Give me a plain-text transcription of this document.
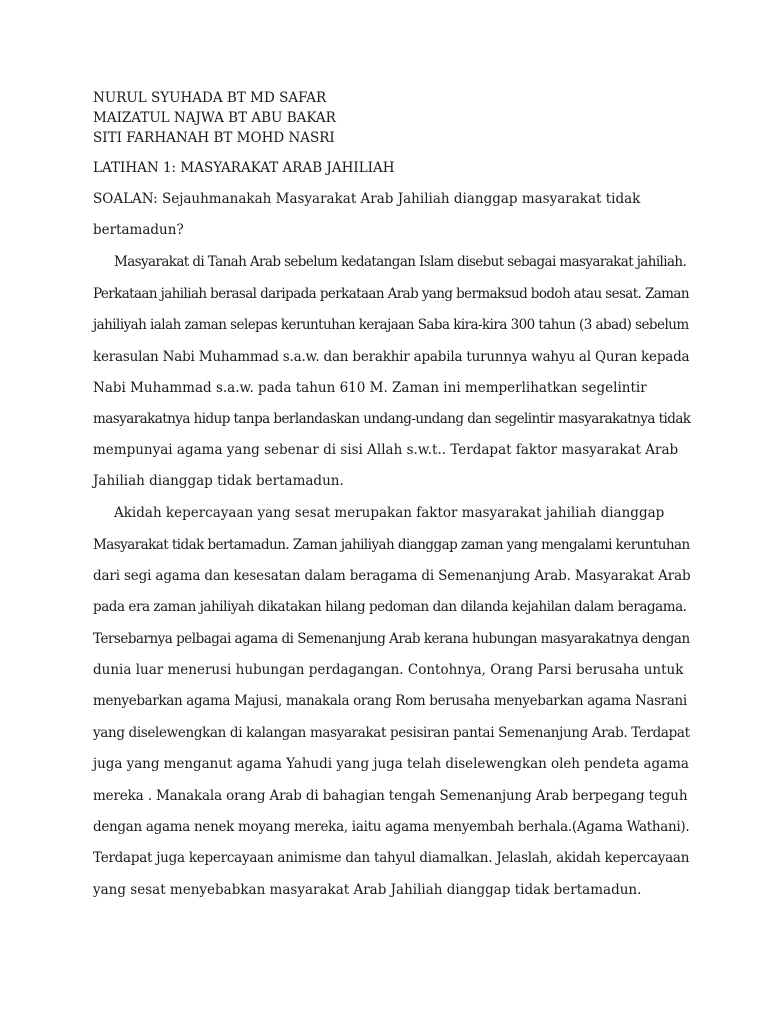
NURUL SYUHADA BT MD SAFAR
MAIZATUL NAJWA BT ABU BAKAR
SITI FARHANAH BT MOHD NASRI
LATIHAN 1: MASYARAKAT ARAB JAHILIAH
SOALAN: Sejauhmanakah Masyarakat Arab Jahiliah dianggap masyarakat tidak
bertamadun?
Masyarakat di Tanah Arab sebelum kedatangan Islam disebut sebagai masyarakat jahiliah.
Perkataan jahiliah berasal daripada perkataan Arab yang bermaksud bodoh atau sesat. Zaman
jahiliyah ialah zaman selepas keruntuhan kerajaan Saba kira-kira 300 tahun (3 abad) sebelum
kerasulan Nabi Muhammad s.a.w. dan berakhir apabila turunnya wahyu al Quran kepada
Nabi Muhammad s.a.w. pada tahun 610 M. Zaman ini memperlihatkan segelintir
masyarakatnya hidup tanpa berlandaskan undang-undang dan segelintir masyarakatnya tidak
mempunyai agama yang sebenar di sisi Allah s.w.t.. Terdapat faktor masyarakat Arab
Jahiliah dianggap tidak bertamadun.
Akidah kepercayaan yang sesat merupakan faktor masyarakat jahiliah dianggap
Masyarakat tidak bertamadun. Zaman jahiliyah dianggap zaman yang mengalami keruntuhan
dari segi agama dan kesesatan dalam beragama di Semenanjung Arab. Masyarakat Arab
pada era zaman jahiliyah dikatakan hilang pedoman dan dilanda kejahilan dalam beragama.
Tersebarnya pelbagai agama di Semenanjung Arab kerana hubungan masyarakatnya dengan
dunia luar menerusi hubungan perdagangan. Contohnya, Orang Parsi berusaha untuk
menyebarkan agama Majusi, manakala orang Rom berusaha menyebarkan agama Nasrani
yang diselewengkan di kalangan masyarakat pesisiran pantai Semenanjung Arab. Terdapat
juga yang menganut agama Yahudi yang juga telah diselewengkan oleh pendeta agama
mereka . Manakala orang Arab di bahagian tengah Semenanjung Arab berpegang teguh
dengan agama nenek moyang mereka, iaitu agama menyembah berhala.(Agama Wathani).
Terdapat juga kepercayaan animisme dan tahyul diamalkan. Jelaslah, akidah kepercayaan
yang sesat menyebabkan masyarakat Arab Jahiliah dianggap tidak bertamadun.
